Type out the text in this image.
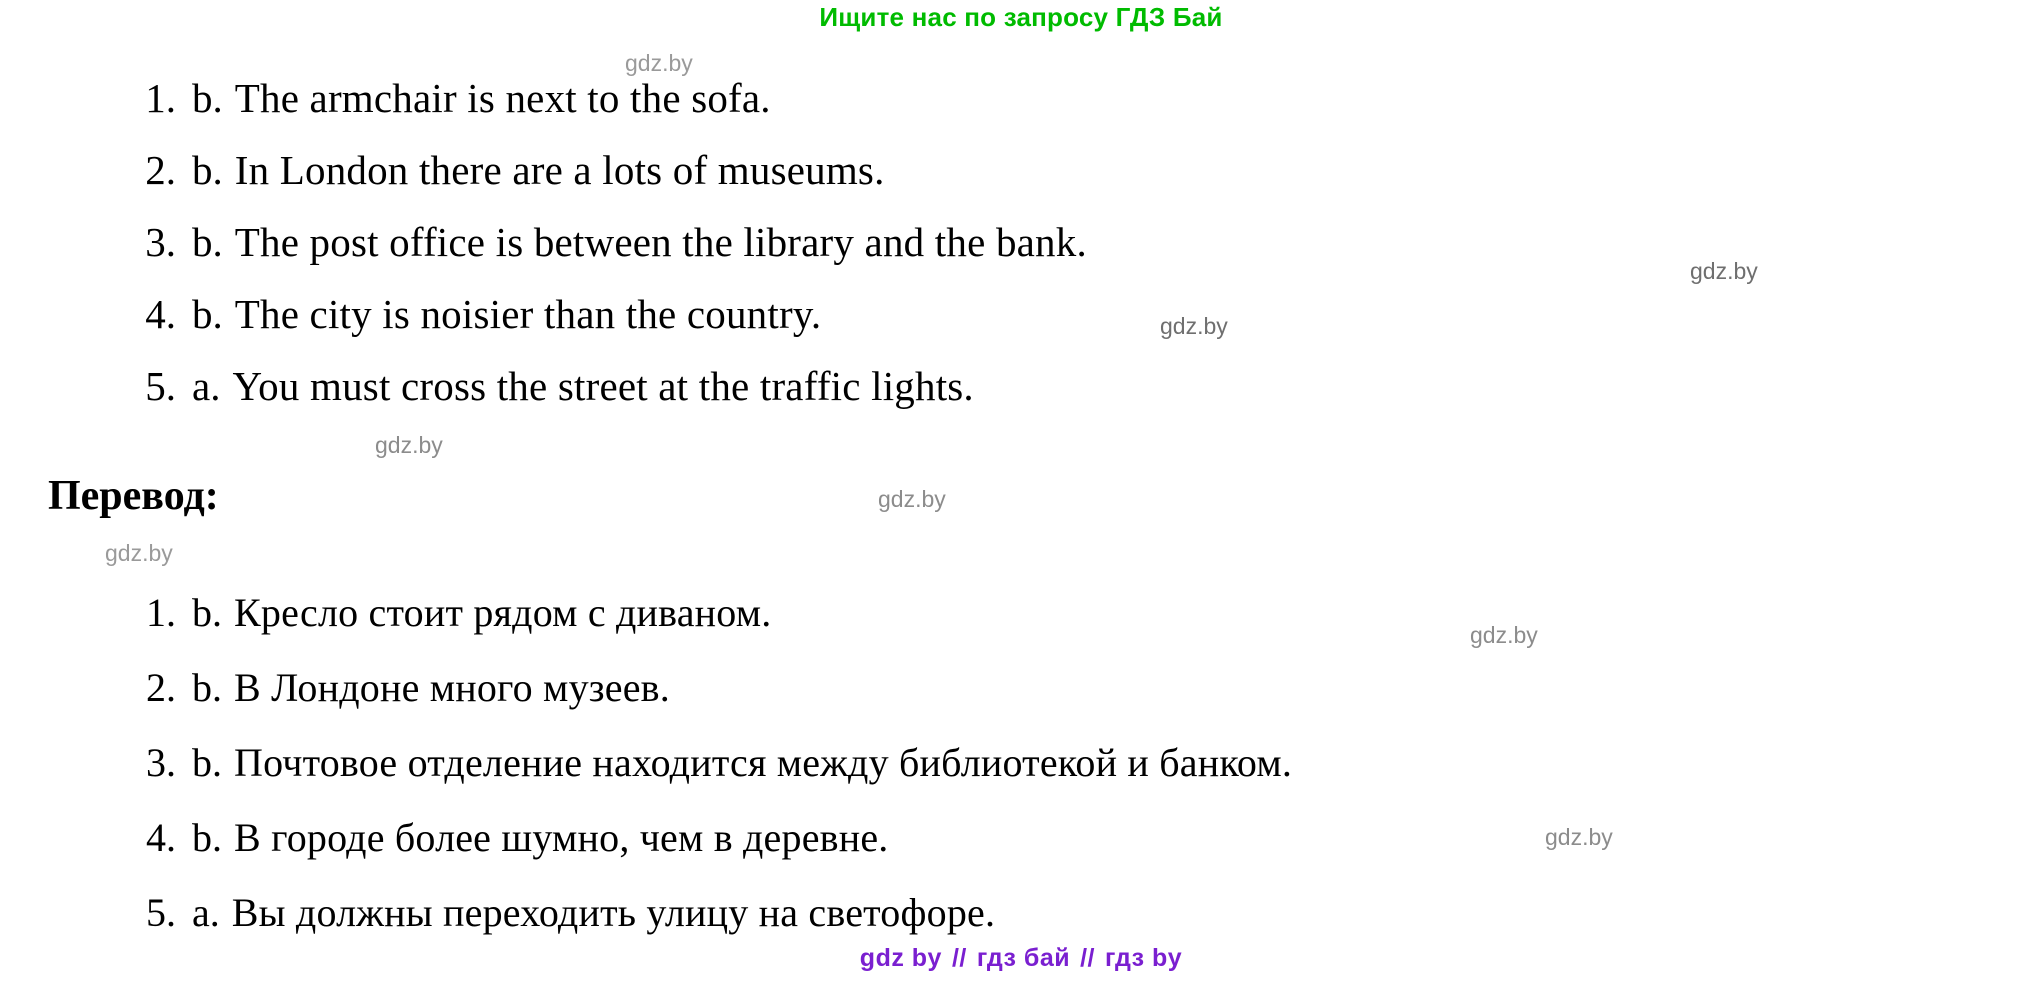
Ищите нас по запросу ГДЗ Бай
1. b. The armchair is next to the sofa.
2. b. In London there are a lots of museums.
3. b. The post office is between the library and the bank.
4. b. The city is noisier than the country.
5. a. You must cross the street at the traffic lights.
Перевод:
1. b. Кресло стоит рядом с диваном.
2. b. В Лондоне много музеев.
3. b. Почтовое отделение находится между библиотекой и банком.
4. b. В городе более шумно, чем в деревне.
5. a. Вы должны переходить улицу на светофоре.
gdz.by
gdz.by
gdz.by
gdz.by
gdz.by
gdz.by
gdz.by
gdz.by
gdz by // гдз бай // гдз by
